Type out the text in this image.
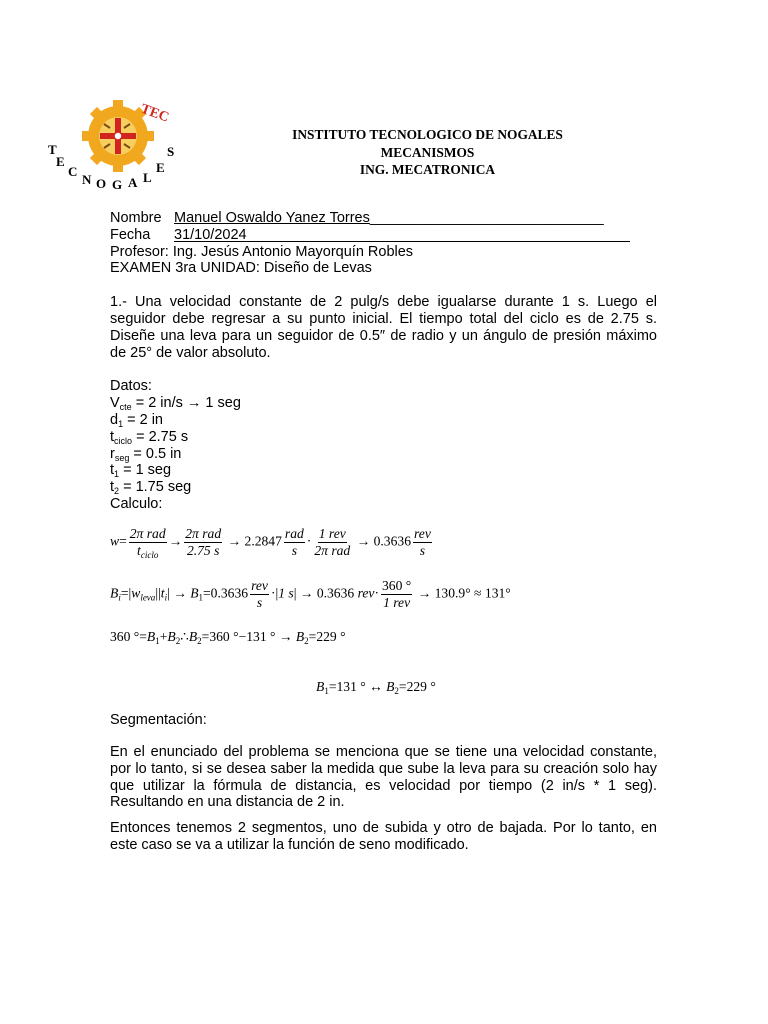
TEC
T
E
C
N O G A L
E
S
INSTITUTO TECNOLOGICO DE NOGALES
MECANISMOS
ING. MECATRONICA
Nombre Manuel Oswaldo Yanez Torres_____________________________
Fecha 31/10/2024
Profesor: Ing. Jesús Antonio Mayorquín Robles
EXAMEN 3ra UNIDAD: Diseño de Levas
1.- Una velocidad constante de 2 pulg/s debe igualarse durante 1 s. Luego el seguidor debe regresar a su punto inicial. El tiempo total del ciclo es de 2.75 s. Diseñe una leva para un seguidor de 0.5″ de radio y un ángulo de presión máximo de 25° de valor absoluto.
Datos:
$V_{cte} = 2$ in/s → 1 seg
$d_1 = 2$ in
$t_{ciclo} = 2.75$ s
$r_{seg} = 0.5$ in
$t_1 = 1$ seg
$t_2 = 1.75$ seg
Calculo:
$w= \frac{\text{2π rad}}{t_{ciclo}} \to \frac{\text{2π rad}}{2.75 s} \to 2.2847 \frac{\text{rad}}{s} \cdot \frac{\text{1 rev}}{\text{2π rad}} \to 0.3636 \frac{\text{rev}}{s}$
$B_i=|w_{leva}||t_i| \to B_1=0.3636 \frac{\text{rev}}{s} \cdot|1$ s| → 0.3636 $rev\cdot \frac{360 ^\circ}{\text{1 rev}} \to 130.9^\circ \approx 131^\circ$
360 $^\circ=B_1+B_2\therefore B_2=360$ °−131 ° → $B_2=229$ °
$B_1=131$ ° ↔ $B_2=229$ °
Segmentación:
En el enunciado del problema se menciona que se tiene una velocidad constante, por lo tanto, si se desea saber la medida que sube la leva para su creación solo hay que utilizar la fórmula de distancia, es velocidad por tiempo (2 in/s * 1 seg). Resultando en una distancia de 2 in.
Entonces tenemos 2 segmentos, uno de subida y otro de bajada. Por lo tanto, en este caso se va a utilizar la función de seno modificado.
